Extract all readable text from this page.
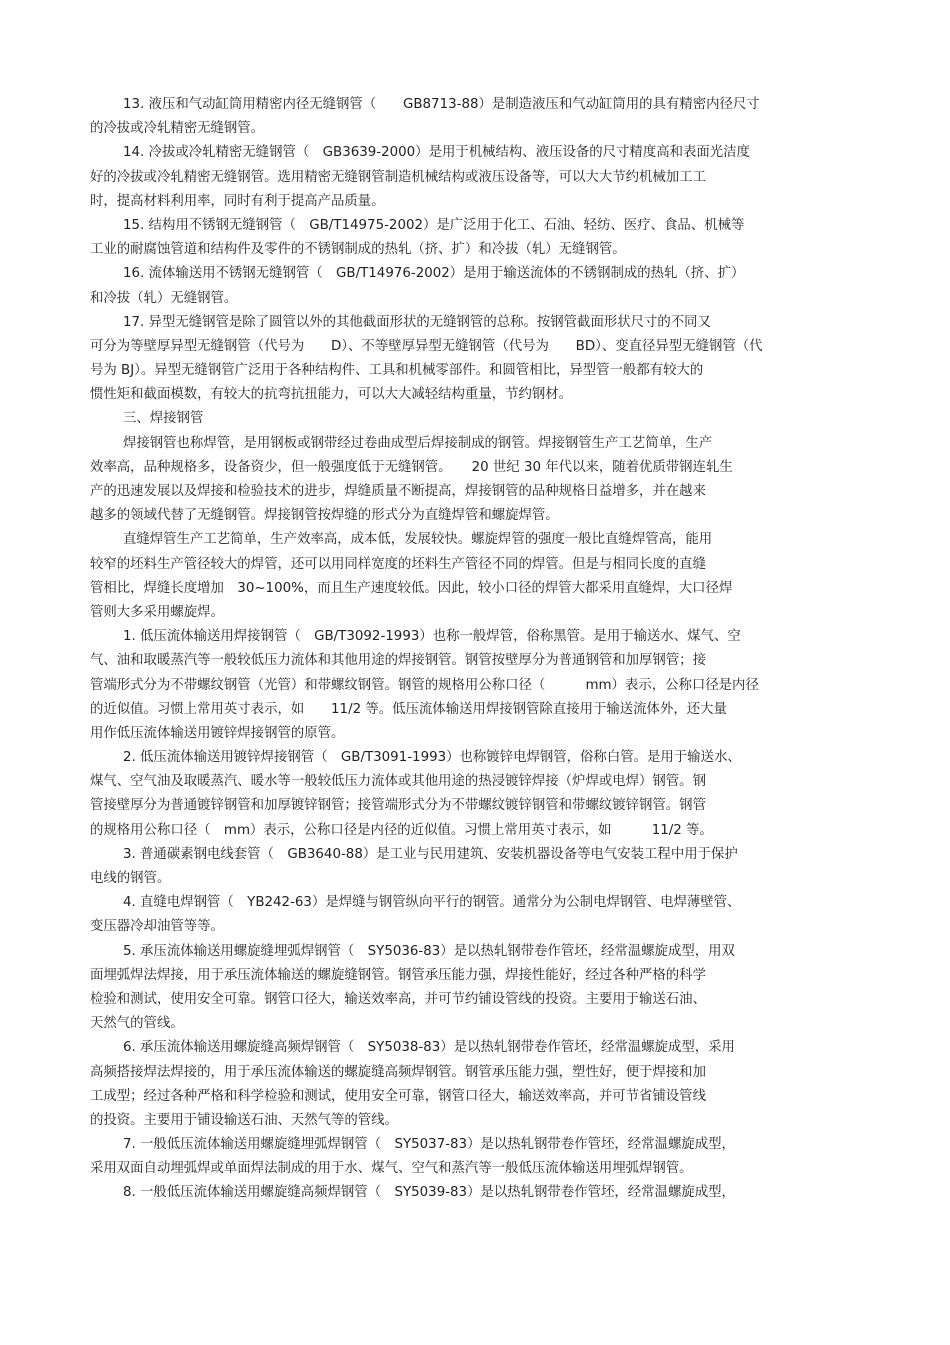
13. 液压和气动缸筒用精密内径无缝钢管（　　GB8713-88）是制造液压和气动缸筒用的具有精密内径尺寸
的冷拔或冷轧精密无缝钢管。
14. 冷拔或冷轧精密无缝钢管（　GB3639-2000）是用于机械结构、液压设备的尺寸精度高和表面光洁度
好的冷拔或冷轧精密无缝钢管。选用精密无缝钢管制造机械结构或液压设备等，可以大大节约机械加工工
时，提高材料利用率，同时有利于提高产品质量。
15. 结构用不锈钢无缝钢管（　GB/T14975-2002）是广泛用于化工、石油、轻纺、医疗、食品、机械等
工业的耐腐蚀管道和结构件及零件的不锈钢制成的热轧（挤、扩）和冷拔（轧）无缝钢管。
16. 流体输送用不锈钢无缝钢管（　GB/T14976-2002）是用于输送流体的不锈钢制成的热轧（挤、扩）
和冷拔（轧）无缝钢管。
17. 异型无缝钢管是除了圆管以外的其他截面形状的无缝钢管的总称。按钢管截面形状尺寸的不同又
可分为等壁厚异型无缝钢管（代号为　　D）、不等壁厚异型无缝钢管（代号为　　BD）、变直径异型无缝钢管（代
号为 BJ）。异型无缝钢管广泛用于各种结构件、工具和机械零部件。和圆管相比，异型管一般都有较大的
惯性矩和截面模数，有较大的抗弯抗扭能力，可以大大减轻结构重量，节约钢材。
三、焊接钢管
焊接钢管也称焊管，是用钢板或钢带经过卷曲成型后焊接制成的钢管。焊接钢管生产工艺简单，生产
效率高，品种规格多，设备资少，但一般强度低于无缝钢管。　　20 世纪 30 年代以来，随着优质带钢连轧生
产的迅速发展以及焊接和检验技术的进步，焊缝质量不断提高，焊接钢管的品种规格日益增多，并在越来
越多的领域代替了无缝钢管。焊接钢管按焊缝的形式分为直缝焊管和螺旋焊管。
直缝焊管生产工艺简单，生产效率高，成本低，发展较快。螺旋焊管的强度一般比直缝焊管高，能用
较窄的坯料生产管径较大的焊管，还可以用同样宽度的坯料生产管径不同的焊管。但是与相同长度的直缝
管相比，焊缝长度增加　30~100%，而且生产速度较低。因此，较小口径的焊管大都采用直缝焊，大口径焊
管则大多采用螺旋焊。
1. 低压流体输送用焊接钢管（　GB/T3092-1993）也称一般焊管，俗称黑管。是用于输送水、煤气、空
气、油和取暖蒸汽等一般较低压力流体和其他用途的焊接钢管。钢管按壁厚分为普通钢管和加厚钢管；接
管端形式分为不带螺纹钢管（光管）和带螺纹钢管。钢管的规格用公称口径（　　　mm）表示，公称口径是内径
的近似值。习惯上常用英寸表示，如　　11/2 等。低压流体输送用焊接钢管除直接用于输送流体外，还大量
用作低压流体输送用镀锌焊接钢管的原管。
2. 低压流体输送用镀锌焊接钢管（　GB/T3091-1993）也称镀锌电焊钢管，俗称白管。是用于输送水、
煤气、空气油及取暖蒸汽、暖水等一般较低压力流体或其他用途的热浸镀锌焊接（炉焊或电焊）钢管。钢
管接壁厚分为普通镀锌钢管和加厚镀锌钢管；接管端形式分为不带螺纹镀锌钢管和带螺纹镀锌钢管。钢管
的规格用公称口径（　mm）表示，公称口径是内径的近似值。习惯上常用英寸表示，如　　　11/2 等。
3. 普通碳素钢电线套管（　GB3640-88）是工业与民用建筑、安装机器设备等电气安装工程中用于保护
电线的钢管。
4. 直缝电焊钢管（　YB242-63）是焊缝与钢管纵向平行的钢管。通常分为公制电焊钢管、电焊薄壁管、
变压器冷却油管等等。
5. 承压流体输送用螺旋缝埋弧焊钢管（　SY5036-83）是以热轧钢带卷作管坯，经常温螺旋成型，用双
面埋弧焊法焊接，用于承压流体输送的螺旋缝钢管。钢管承压能力强，焊接性能好，经过各种严格的科学
检验和测试，使用安全可靠。钢管口径大，输送效率高，并可节约铺设管线的投资。主要用于输送石油、
天然气的管线。
6. 承压流体输送用螺旋缝高频焊钢管（　SY5038-83）是以热轧钢带卷作管坯，经常温螺旋成型，采用
高频搭接焊法焊接的，用于承压流体输送的螺旋缝高频焊钢管。钢管承压能力强，塑性好，便于焊接和加
工成型；经过各种严格和科学检验和测试，使用安全可靠，钢管口径大，输送效率高，并可节省铺设管线
的投资。主要用于铺设输送石油、天然气等的管线。
7. 一般低压流体输送用螺旋缝埋弧焊钢管（　SY5037-83）是以热轧钢带卷作管坯，经常温螺旋成型，
采用双面自动埋弧焊或单面焊法制成的用于水、煤气、空气和蒸汽等一般低压流体输送用埋弧焊钢管。
8. 一般低压流体输送用螺旋缝高频焊钢管（　SY5039-83）是以热轧钢带卷作管坯，经常温螺旋成型，
